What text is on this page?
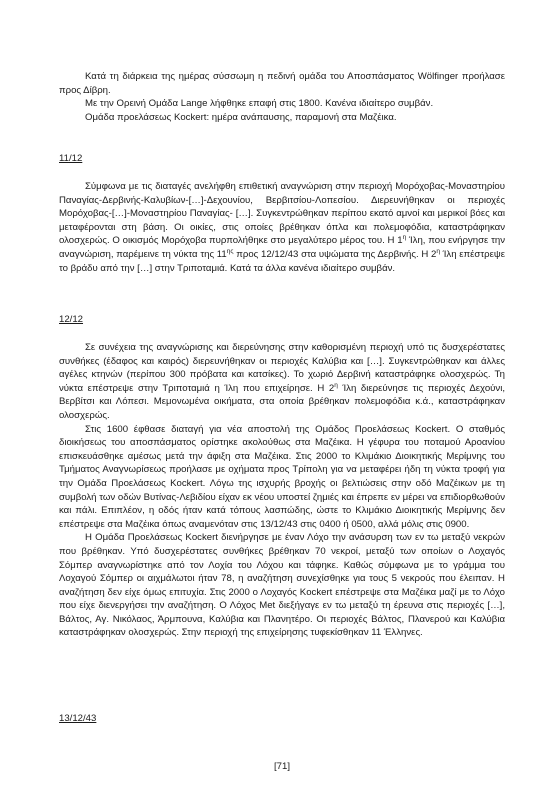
Κατά τη διάρκεια της ημέρας σύσσωμη η πεδινή ομάδα του Αποσπάσματος Wölfinger προήλασε προς Δίβρη.

Με την Ορεινή Ομάδα Lange λήφθηκε επαφή στις 1800. Κανένα ιδιαίτερο συμβάν.

Ομάδα προελάσεως Kockert: ημέρα ανάπαυσης, παραμονή στα Μαζέικα.

11/12

Σύμφωνα με τις διαταγές ανελήφθη επιθετική αναγνώριση στην περιοχή Μορόχοβας-Μοναστηρίου Παναγίας-Δερβινής-Καλυβίων-[…]-Δεχουνίου, Βερβιτσίου-Λοπεσίου. Διερευνήθηκαν οι περιοχές Μορόχοβας-[…]-Μοναστηρίου Παναγίας- […]. Συγκεντρώθηκαν περίπου εκατό αμνοί και μερικοί βόες και μεταφέρονται στη βάση. Οι οικίες, στις οποίες βρέθηκαν όπλα και πολεμοφόδια, καταστράφηκαν ολοσχερώς. Ο οικισμός Μορόχοβα πυρπολήθηκε στο μεγαλύτερο μέρος του. Η $1^\eta$ Ίλη, που ενήργησε την αναγνώριση, παρέμεινε τη νύκτα της $11^{\eta\varsigma}$ προς 12/12/43 στα υψώματα της Δερβινής. Η $2^\eta$ Ίλη επέστρεψε το βράδυ από την […] στην Τριποταμιά. Κατά τα άλλα κανένα ιδιαίτερο συμβάν.

12/12

Σε συνέχεια της αναγνώρισης και διερεύνησης στην καθορισμένη περιοχή υπό τις δυσχερέστατες συνθήκες (έδαφος και καιρός) διερευνήθηκαν οι περιοχές Καλύβια και […]. Συγκεντρώθηκαν και άλλες αγέλες κτηνών (περίπου 300 πρόβατα και κατσίκες). Το χωριό Δερβινή καταστράφηκε ολοσχερώς. Τη νύκτα επέστρεψε στην Τριποταμιά η Ίλη που επιχείρησε. Η $2^\eta$ Ίλη διερεύνησε τις περιοχές Δεχούνι, Βερβίτσι και Λόπεσι. Μεμονωμένα οικήματα, στα οποία βρέθηκαν πολεμοφόδια κ.ά., καταστράφηκαν ολοσχερώς.

Στις 1600 έφθασε διαταγή για νέα αποστολή της Ομάδος Προελάσεως Kockert. Ο σταθμός διοικήσεως του αποσπάσματος ορίστηκε ακολούθως στα Μαζέικα. Η γέφυρα του ποταμού Αροανίου επισκευάσθηκε αμέσως μετά την άφιξη στα Μαζέικα. Στις 2000 το Κλιμάκιο Διοικητικής Μερίμνης του Τμήματος Αναγνωρίσεως προήλασε με οχήματα προς Τρίπολη για να μεταφέρει ήδη τη νύκτα τροφή για την Ομάδα Προελάσεως Kockert. Λόγω της ισχυρής βροχής οι βελτιώσεις στην οδό Μαζέικων με τη συμβολή των οδών Βυτίνας-Λεβιδίου είχαν εκ νέου υποστεί ζημιές και έπρεπε εν μέρει να επιδιορθωθούν και πάλι. Επιπλέον, η οδός ήταν κατά τόπους λασπώδης, ώστε το Κλιμάκιο Διοικητικής Μερίμνης δεν επέστρεψε στα Μαζέικα όπως αναμενόταν στις 13/12/43 στις 0400 ή 0500, αλλά μόλις στις 0900.

Η Ομάδα Προελάσεως Kockert διενήργησε με έναν Λόχο την ανάσυρση των εν τω μεταξύ νεκρών που βρέθηκαν. Υπό δυσχερέστατες συνθήκες βρέθηκαν 70 νεκροί, μεταξύ των οποίων ο Λοχαγός Σόμπερ αναγνωρίστηκε από τον Λοχία του Λόχου και τάφηκε. Καθώς σύμφωνα με το γράμμα του Λοχαγού Σόμπερ οι αιχμάλωτοι ήταν 78, η αναζήτηση συνεχίσθηκε για τους 5 νεκρούς που έλειπαν. Η αναζήτηση δεν είχε όμως επιτυχία. Στις 2000 ο Λοχαγός Kockert επέστρεψε στα Μαζέικα μαζί με το Λόχο που είχε διενεργήσει την αναζήτηση. Ο Λόχος Met διεξήγαγε εν τω μεταξύ τη έρευνα στις περιοχές […], Βάλτος, Αγ. Νικόλαος, Άρμπουνα, Καλύβια και Πλανητέρο. Οι περιοχές Βάλτος, Πλανερού και Καλύβια καταστράφηκαν ολοσχερώς. Στην περιοχή της επιχείρησης τυφεκίσθηκαν 11 Έλληνες.

13/12/43

[71]
